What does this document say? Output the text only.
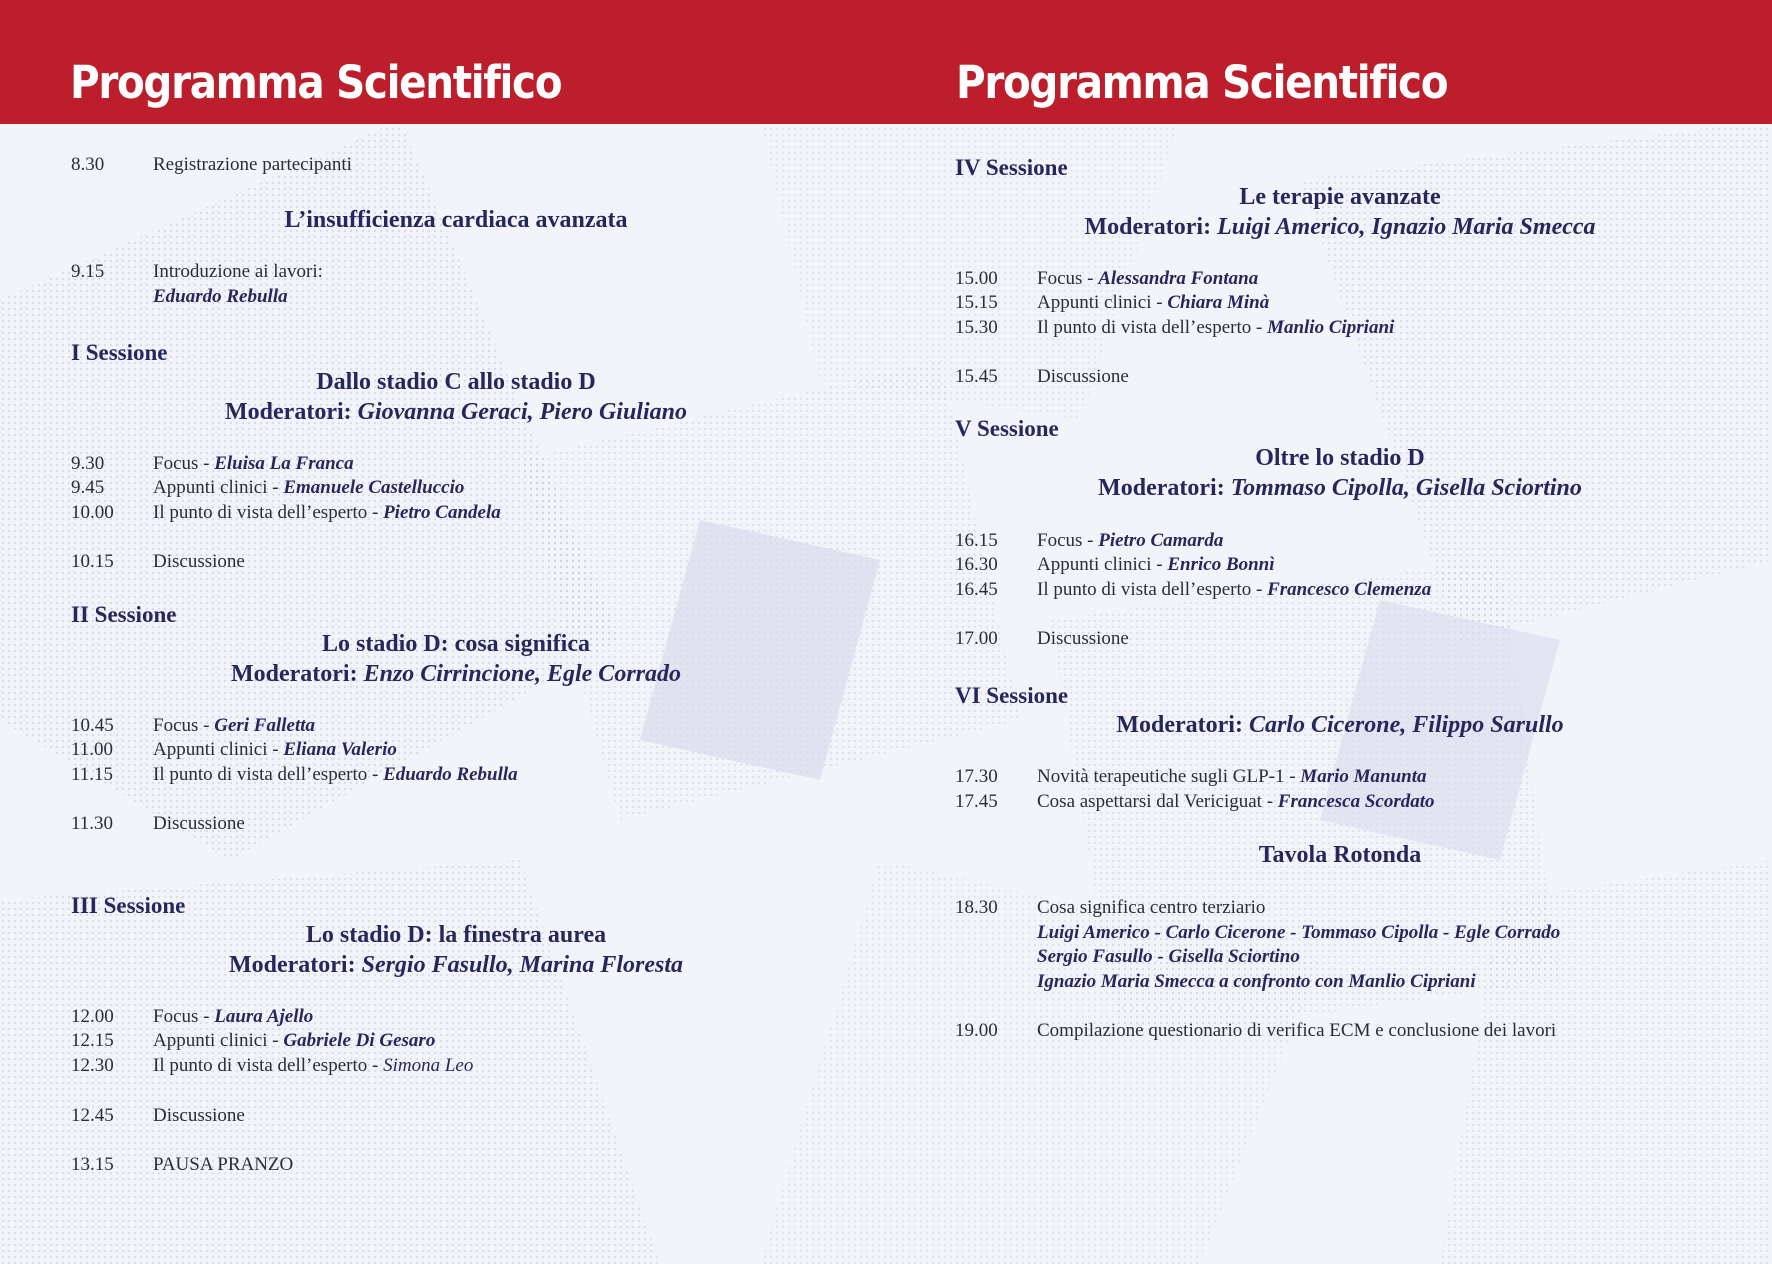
Programma Scientifico	Programma Scientifico
8.30	Registrazione partecipanti
L’insufficienza cardiaca avanzata
9.15	Introduzione ai lavori:
Eduardo Rebulla
I Sessione
Dallo stadio C allo stadio D
Moderatori: Giovanna Geraci, Piero Giuliano
9.30	Focus - Eluisa La Franca
9.45	Appunti clinici - Emanuele Castelluccio
10.00 Il punto di vista dell’esperto - Pietro Candela
10.15 Discussione
II Sessione
Lo stadio D: cosa significa
Moderatori: Enzo Cirrincione, Egle Corrado
10.45 Focus - Geri Falletta
11.00 Appunti clinici - Eliana Valerio
11.15 Il punto di vista dell’esperto - Eduardo Rebulla
11.30 Discussione
III Sessione
Lo stadio D: la finestra aurea
Moderatori: Sergio Fasullo, Marina Floresta
12.00 Focus - Laura Ajello
12.15 Appunti clinici - Gabriele Di Gesaro
12.30 Il punto di vista dell’esperto - Simona Leo
12.45 Discussione
13.15 PAUSA PRANZO
IV Sessione
Le terapie avanzate
Moderatori: Luigi Americo, Ignazio Maria Smecca
15.00 Focus - Alessandra Fontana
15.15 Appunti clinici - Chiara Minà
15.30 Il punto di vista dell’esperto - Manlio Cipriani
15.45 Discussione
V Sessione
Oltre lo stadio D
Moderatori: Tommaso Cipolla, Gisella Sciortino
16.15 Focus - Pietro Camarda
16.30 Appunti clinici - Enrico Bonnì
16.45 Il punto di vista dell’esperto - Francesco Clemenza
17.00 Discussione
VI Sessione
Moderatori: Carlo Cicerone, Filippo Sarullo
17.30 Novità terapeutiche sugli GLP-1 - Mario Manunta
17.45 Cosa aspettarsi dal Vericiguat - Francesca Scordato
Tavola Rotonda
18.30 Cosa significa centro terziario
Luigi Americo - Carlo Cicerone - Tommaso Cipolla - Egle Corrado
Sergio Fasullo - Gisella Sciortino
Ignazio Maria Smecca a confronto con Manlio Cipriani
19.00 Compilazione questionario di verifica ECM e conclusione dei lavori
